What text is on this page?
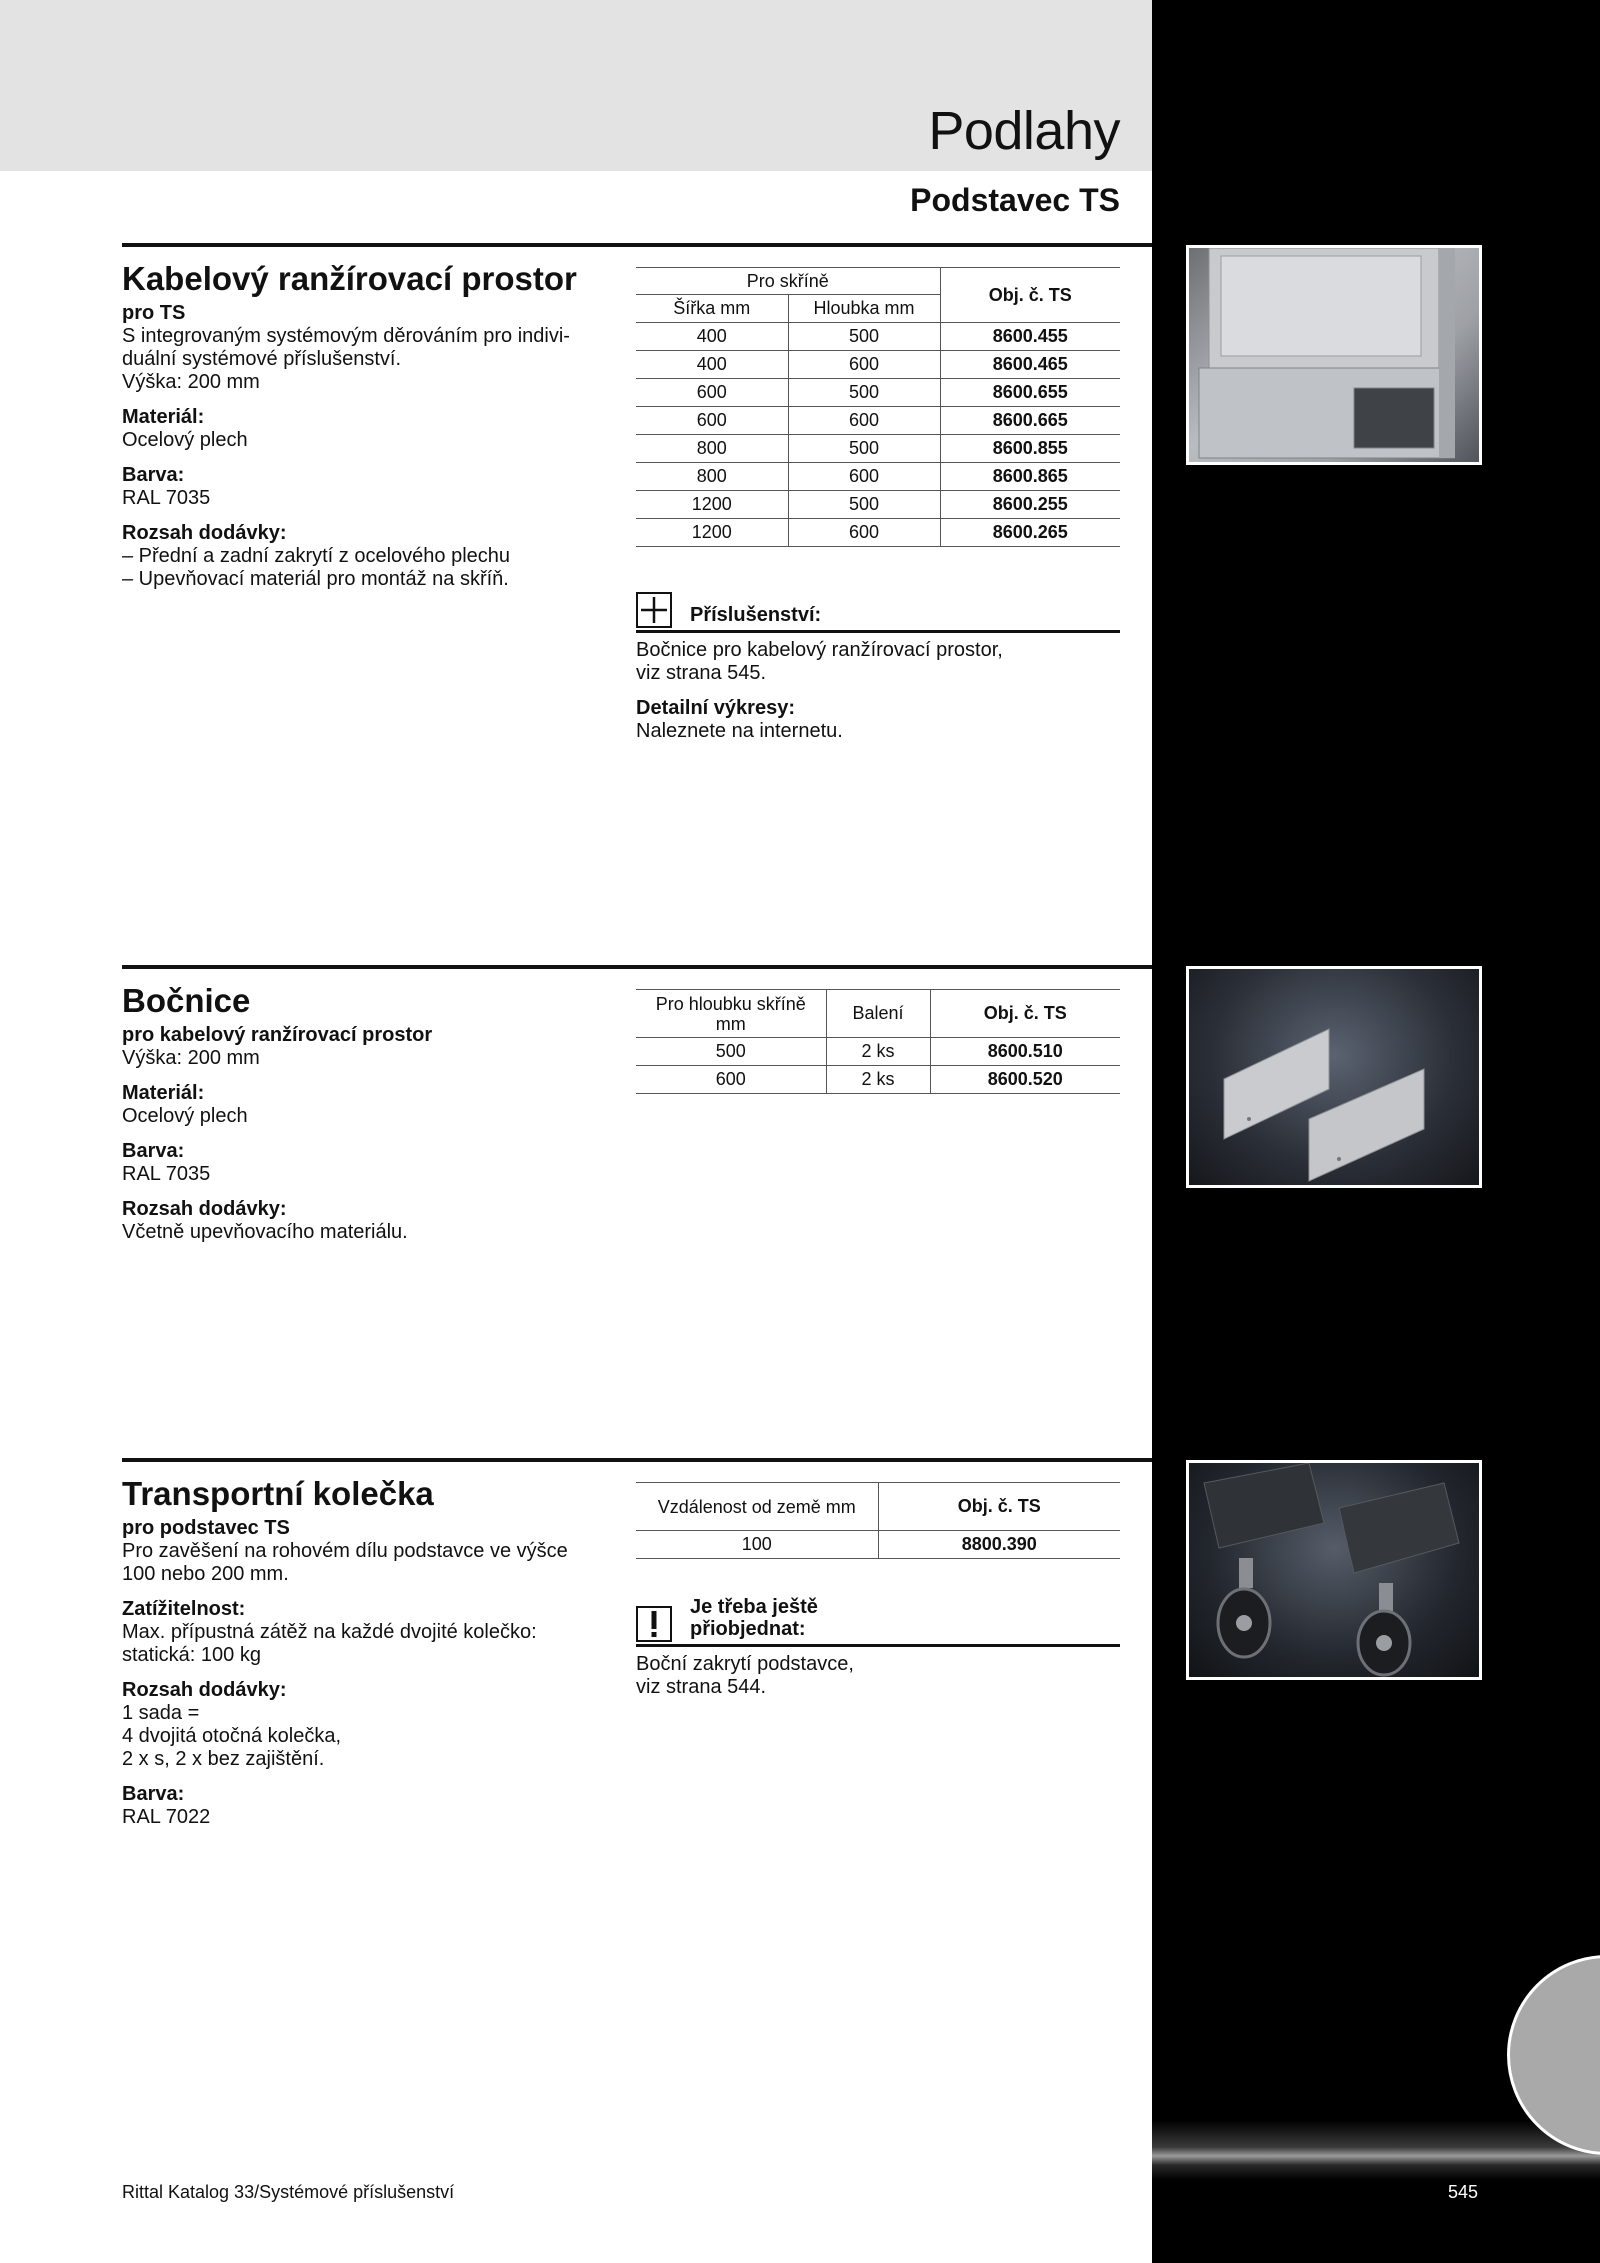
Podlahy
Podstavec TS
Kabelový ranžírovací prostor
pro TS
S integrovaným systémovým děrováním pro indivi-
duální systémové příslušenství.
Výška: 200 mm
Materiál:
Ocelový plech
Barva:
RAL 7035
Rozsah dodávky:
– Přední a zadní zakrytí z ocelového plechu
– Upevňovací materiál pro montáž na skříň.
Pro skříně		Obj. č. TS
Šířka mm	Hloubka mm	
400	500	8600.455
400	600	8600.465
600	500	8600.655
600	600	8600.665
800	500	8600.855
800	600	8600.865
1200	500	8600.255
1200	600	8600.265
Příslušenství:
Bočnice pro kabelový ranžírovací prostor,
viz strana 545.
Detailní výkresy:
Naleznete na internetu.
Bočnice
pro kabelový ranžírovací prostor
Výška: 200 mm
Materiál:
Ocelový plech
Barva:
RAL 7035
Rozsah dodávky:
Včetně upevňovacího materiálu.
Pro hloubku skříně mm	Balení	Obj. č. TS
500	2 ks	8600.510
600	2 ks	8600.520
Transportní kolečka
pro podstavec TS
Pro zavěšení na rohovém dílu podstavce ve výšce
100 nebo 200 mm.
Zatížitelnost:
Max. přípustná zátěž na každé dvojité kolečko:
statická: 100 kg
Rozsah dodávky:
1 sada =
4 dvojitá otočná kolečka,
2 x s, 2 x bez zajištění.
Barva:
RAL 7022
Vzdálenost od země mm	Obj. č. TS
100	8800.390
Je třeba ještě
přiobjednat:
Boční zakrytí podstavce,
viz strana 544.
Rittal Katalog 33/Systémové příslušenství	545
